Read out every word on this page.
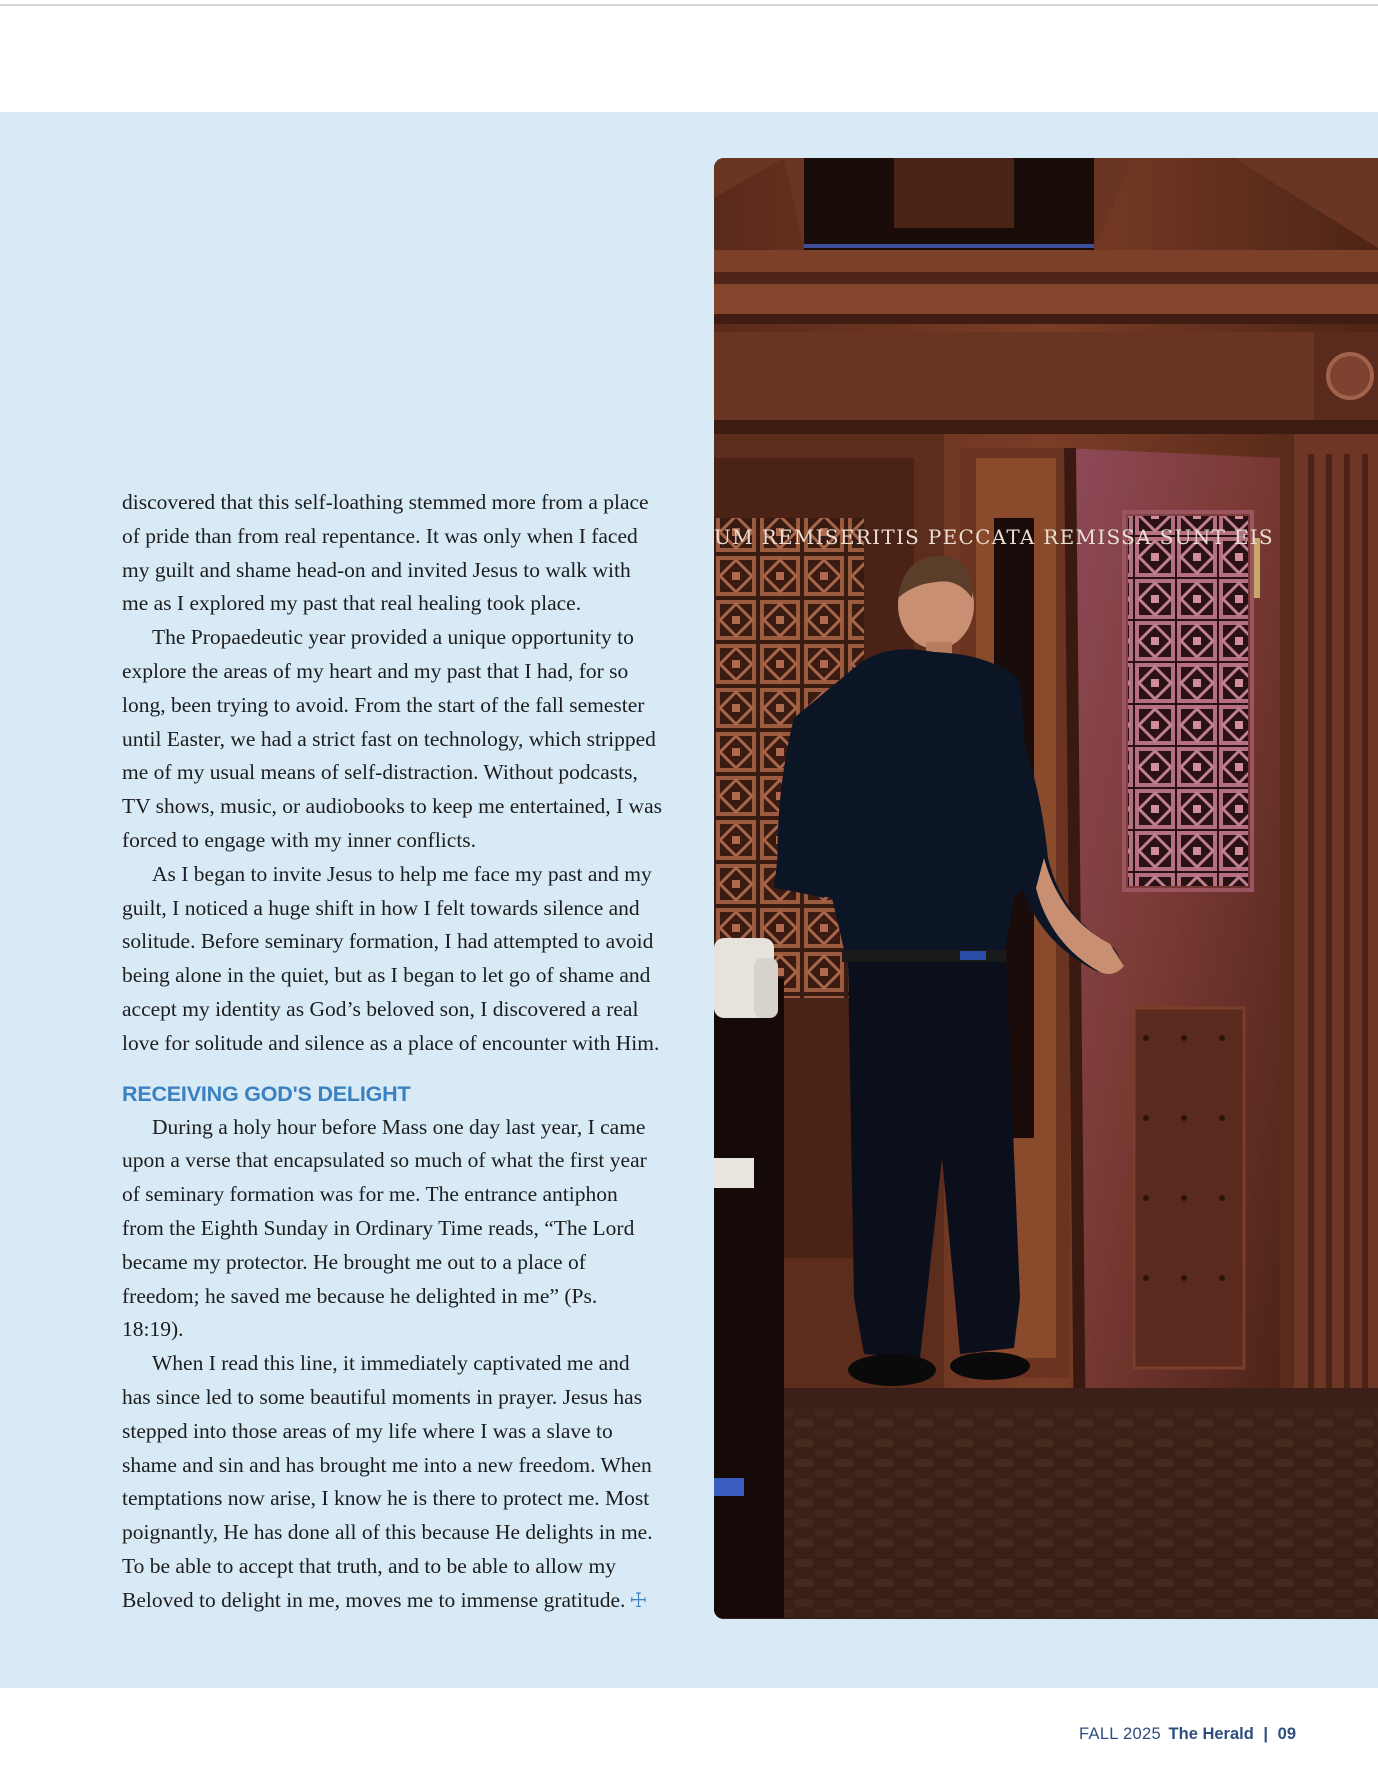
discovered that this self-loathing stemmed more from a place of pride than from real repentance. It was only when I faced my guilt and shame head-on and invited Jesus to walk with me as I explored my past that real healing took place.

The Propaedeutic year provided a unique opportunity to explore the areas of my heart and my past that I had, for so long, been trying to avoid. From the start of the fall semester until Easter, we had a strict fast on technology, which stripped me of my usual means of self-distraction. Without podcasts, TV shows, music, or audiobooks to keep me entertained, I was forced to engage with my inner conflicts.

As I began to invite Jesus to help me face my past and my guilt, I noticed a huge shift in how I felt towards silence and solitude. Before seminary formation, I had attempted to avoid being alone in the quiet, but as I began to let go of shame and accept my identity as God’s beloved son, I discovered a real love for solitude and silence as a place of encounter with Him.

RECEIVING GOD'S DELIGHT

During a holy hour before Mass one day last year, I came upon a verse that encapsulated so much of what the first year of seminary formation was for me. The entrance antiphon from the Eighth Sunday in Ordinary Time reads, “The Lord became my protector. He brought me out to a place of freedom; he saved me because he delighted in me” (Ps. 18:19).

When I read this line, it immediately captivated me and has since led to some beautiful moments in prayer. Jesus has stepped into those areas of my life where I was a slave to shame and sin and has brought me into a new freedom. When temptations now arise, I know he is there to protect me. Most poignantly, He has done all of this because He delights in me. To be able to accept that truth, and to be able to allow my Beloved to delight in me, moves me to immense gratitude. ☩

UM REMISERITIS PECCATA REMISSA SUNT EIS
FALL 2025 The Herald | 09
